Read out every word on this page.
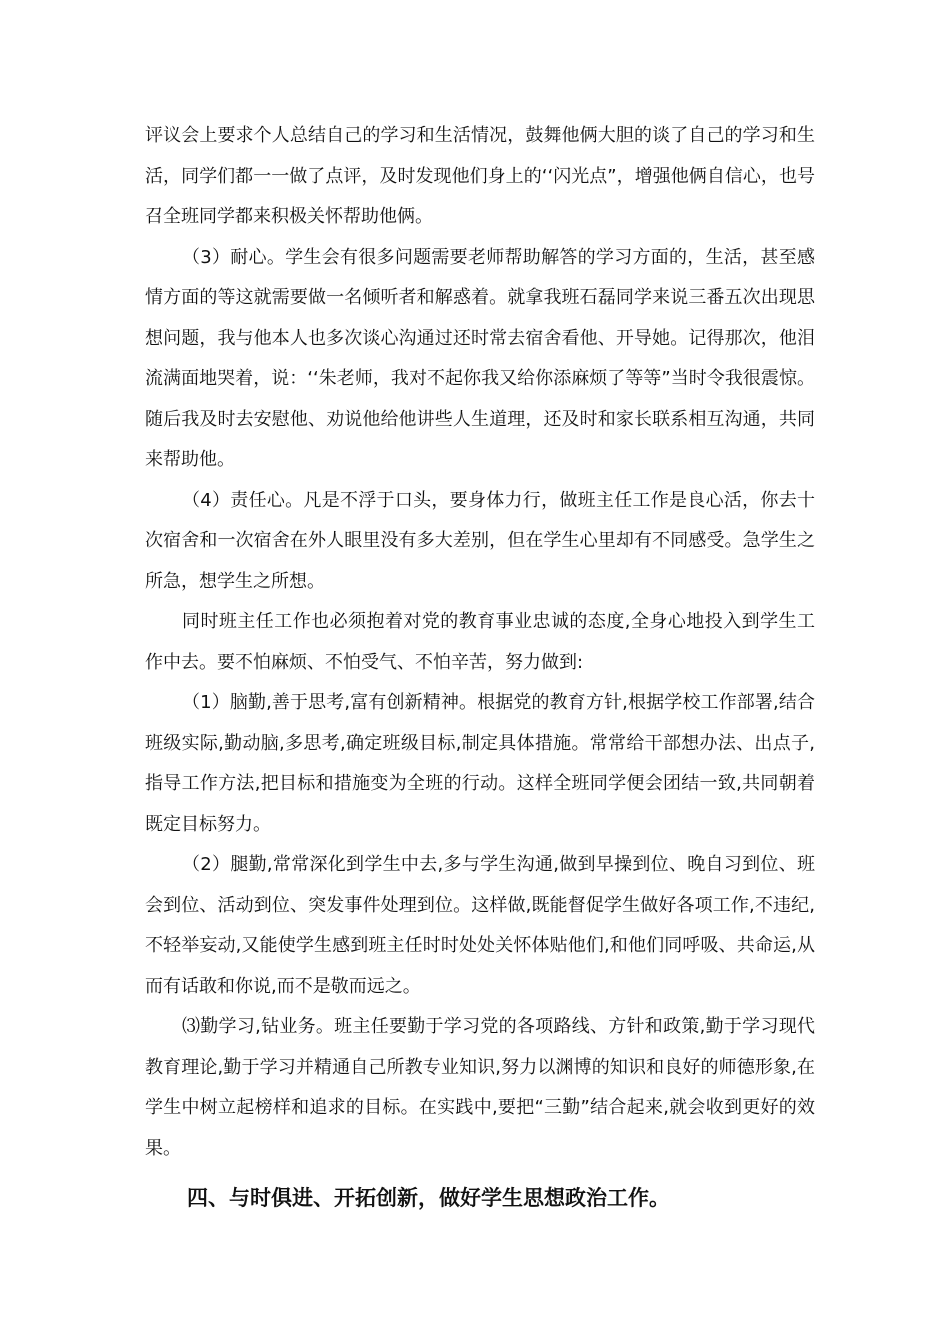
评议会上要求个人总结自己的学习和生活情况，鼓舞他俩大胆的谈了自己的学习和生活，同学们都一一做了点评，及时发现他们身上的‘‘闪光点”，增强他俩自信心，也号召全班同学都来积极关怀帮助他俩。

（3）耐心。学生会有很多问题需要老师帮助解答的学习方面的，生活，甚至感情方面的等这就需要做一名倾听者和解惑着。就拿我班石磊同学来说三番五次出现思想问题，我与他本人也多次谈心沟通过还时常去宿舍看他、开导她。记得那次，他泪流满面地哭着，说：‘‘朱老师，我对不起你我又给你添麻烦了等等”当时令我很震惊。随后我及时去安慰他、劝说他给他讲些人生道理，还及时和家长联系相互沟通，共同来帮助他。

（4）责任心。凡是不浮于口头，要身体力行，做班主任工作是良心活，你去十次宿舍和一次宿舍在外人眼里没有多大差别，但在学生心里却有不同感受。急学生之所急，想学生之所想。

同时班主任工作也必须抱着对党的教育事业忠诚的态度,全身心地投入到学生工作中去。要不怕麻烦、不怕受气、不怕辛苦，努力做到:

（1）脑勤,善于思考,富有创新精神。根据党的教育方针,根据学校工作部署,结合班级实际,勤动脑,多思考,确定班级目标,制定具体措施。常常给干部想办法、出点子,指导工作方法,把目标和措施变为全班的行动。这样全班同学便会团结一致,共同朝着既定目标努力。

（2）腿勤,常常深化到学生中去,多与学生沟通,做到早操到位、晚自习到位、班会到位、活动到位、突发事件处理到位。这样做,既能督促学生做好各项工作,不违纪,不轻举妄动,又能使学生感到班主任时时处处关怀体贴他们,和他们同呼吸、共命运,从而有话敢和你说,而不是敬而远之。

⑶勤学习,钻业务。班主任要勤于学习党的各项路线、方针和政策,勤于学习现代教育理论,勤于学习并精通自己所教专业知识,努力以渊博的知识和良好的师德形象,在学生中树立起榜样和追求的目标。在实践中,要把“三勤”结合起来,就会收到更好的效果。

四、与时俱进、开拓创新，做好学生思想政治工作。
